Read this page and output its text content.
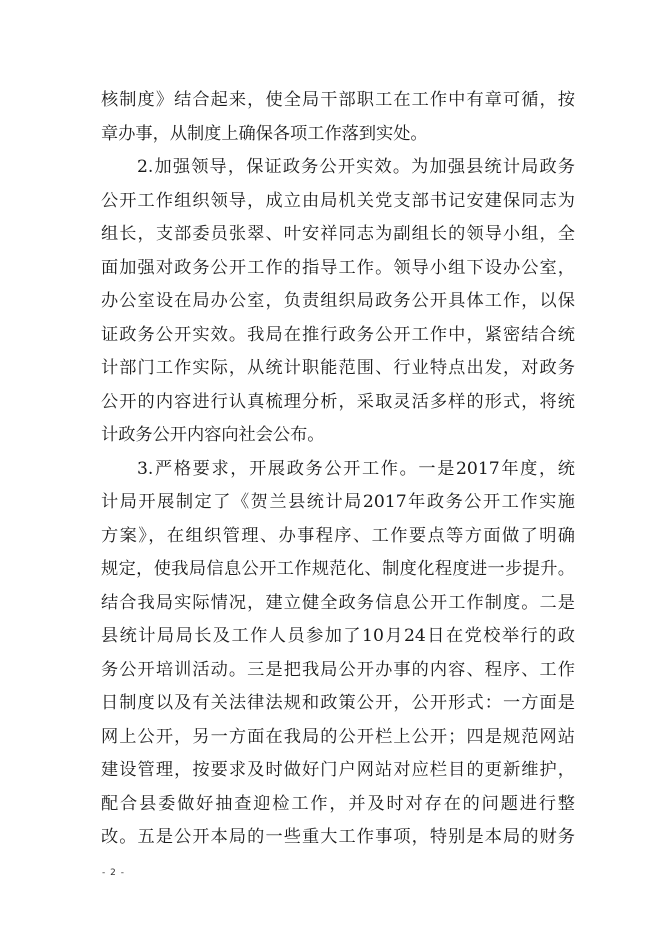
核制度》结合起来，使全局干部职工在工作中有章可循，按
章办事，从制度上确保各项工作落到实处。
2.加强领导，保证政务公开实效。为加强县统计局政务
公开工作组织领导，成立由局机关党支部书记安建保同志为
组长，支部委员张翠、叶安祥同志为副组长的领导小组，全
面加强对政务公开工作的指导工作。领导小组下设办公室，
办公室设在局办公室，负责组织局政务公开具体工作，以保
证政务公开实效。我局在推行政务公开工作中，紧密结合统
计部门工作实际，从统计职能范围、行业特点出发，对政务
公开的内容进行认真梳理分析，采取灵活多样的形式，将统
计政务公开内容向社会公布。
3.严格要求，开展政务公开工作。一是2017年度，统
计局开展制定了《贺兰县统计局2017年政务公开工作实施
方案》，在组织管理、办事程序、工作要点等方面做了明确
规定，使我局信息公开工作规范化、制度化程度进一步提升。
结合我局实际情况，建立健全政务信息公开工作制度。二是
县统计局局长及工作人员参加了10月24日在党校举行的政
务公开培训活动。三是把我局公开办事的内容、程序、工作
日制度以及有关法律法规和政策公开，公开形式：一方面是
网上公开，另一方面在我局的公开栏上公开；四是规范网站
建设管理，按要求及时做好门户网站对应栏目的更新维护，
配合县委做好抽查迎检工作，并及时对存在的问题进行整
改。五是公开本局的一些重大工作事项，特别是本局的财务
- 2 -
